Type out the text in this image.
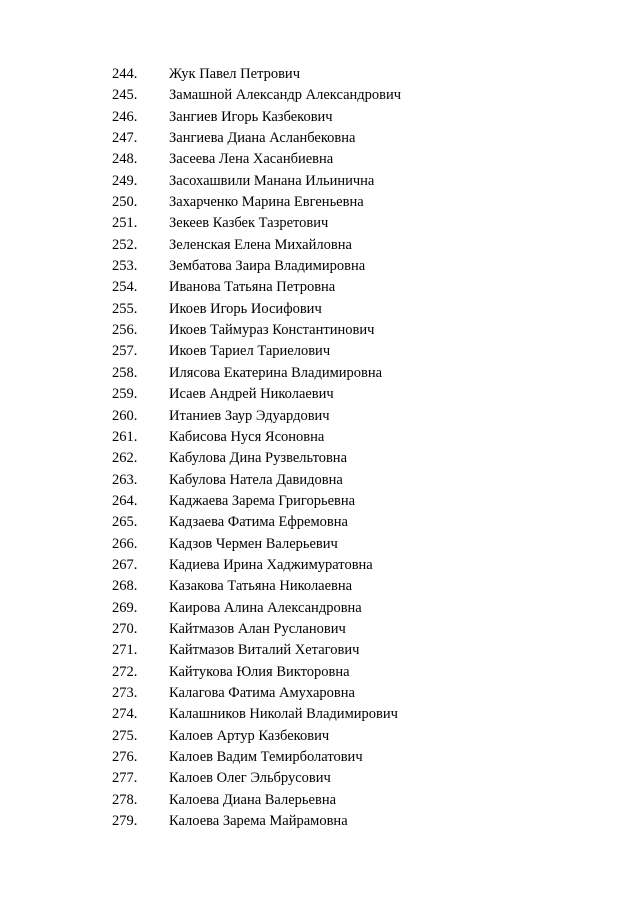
244.	Жук Павел Петрович
245.	Замашной Александр Александрович
246.	Зангиев Игорь Казбекович
247.	Зангиева Диана Асланбековна
248.	Засеева Лена Хасанбиевна
249.	Засохашвили Манана Ильинична
250.	Захарченко Марина Евгеньевна
251.	Зекеев Казбек Тазретович
252.	Зеленская Елена Михайловна
253.	Зембатова Заира Владимировна
254.	Иванова Татьяна Петровна
255.	Икоев Игорь Иосифович
256.	Икоев Таймураз Константинович
257.	Икоев Тариел Тариелович
258.	Илясова Екатерина Владимировна
259.	Исаев Андрей Николаевич
260.	Итаниев Заур Эдуардович
261.	Кабисова Нуся Ясоновна
262.	Кабулова Дина Рузвельтовна
263.	Кабулова Натела Давидовна
264.	Каджаева Зарема Григорьевна
265.	Кадзаева Фатима Ефремовна
266.	Кадзов Чермен Валерьевич
267.	Кадиева Ирина Хаджимуратовна
268.	Казакова Татьяна Николаевна
269.	Каирова Алина Александровна
270.	Кайтмазов Алан Русланович
271.	Кайтмазов Виталий Хетагович
272.	Кайтукова Юлия Викторовна
273.	Калагова Фатима Амухаровна
274.	Калашников Николай Владимирович
275.	Калоев Артур Казбекович
276.	Калоев Вадим Темирболатович
277.	Калоев Олег Эльбрусович
278.	Калоева Диана Валерьевна
279.	Калоева Зарема Майрамовна
